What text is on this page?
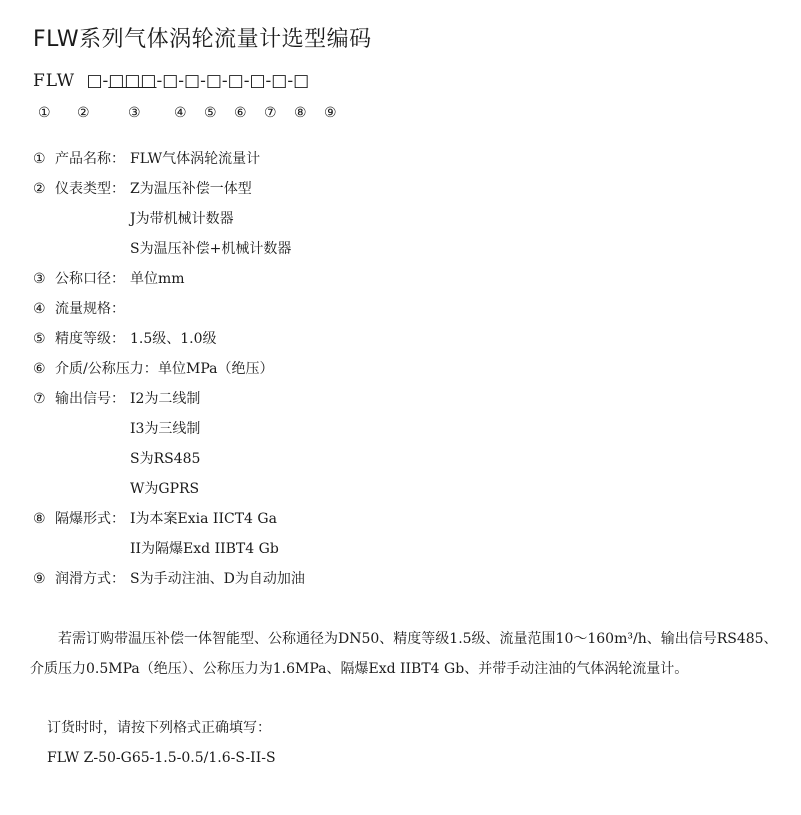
FLW系列气体涡轮流量计选型编码
FLW □-□□□-□-□-□-□-□-□-□
① ②	③ ④ ⑤ ⑥ ⑦ ⑧ ⑨
① 产品名称： FLW气体涡轮流量计
② 仪表类型： Z为温压补偿一体型
J为带机械计数器
S为温压补偿+机械计数器
③ 公称口径： 单位mm
④ 流量规格：
⑤ 精度等级： 1.5级、1.0级
⑥ 介质/公称压力： 单位MPa（绝压）
⑦ 输出信号： I2为二线制
I3为三线制
S为RS485
W为GPRS
⑧ 隔爆形式： I为本案Exia IICT4 Ga
II为隔爆Exd IIBT4 Gb
⑨ 润滑方式： S为手动注油、D为自动加油
若需订购带温压补偿一体智能型、公称通径为DN50、精度等级1.5级、流量范围10～160m³/h、输出信号RS485、介质压力0.5MPa（绝压）、公称压力为1.6MPa、隔爆Exd IIBT4 Gb、并带手动注油的气体涡轮流量计。
订货时时，请按下列格式正确填写：
FLW Z-50-G65-1.5-0.5/1.6-S-II-S
